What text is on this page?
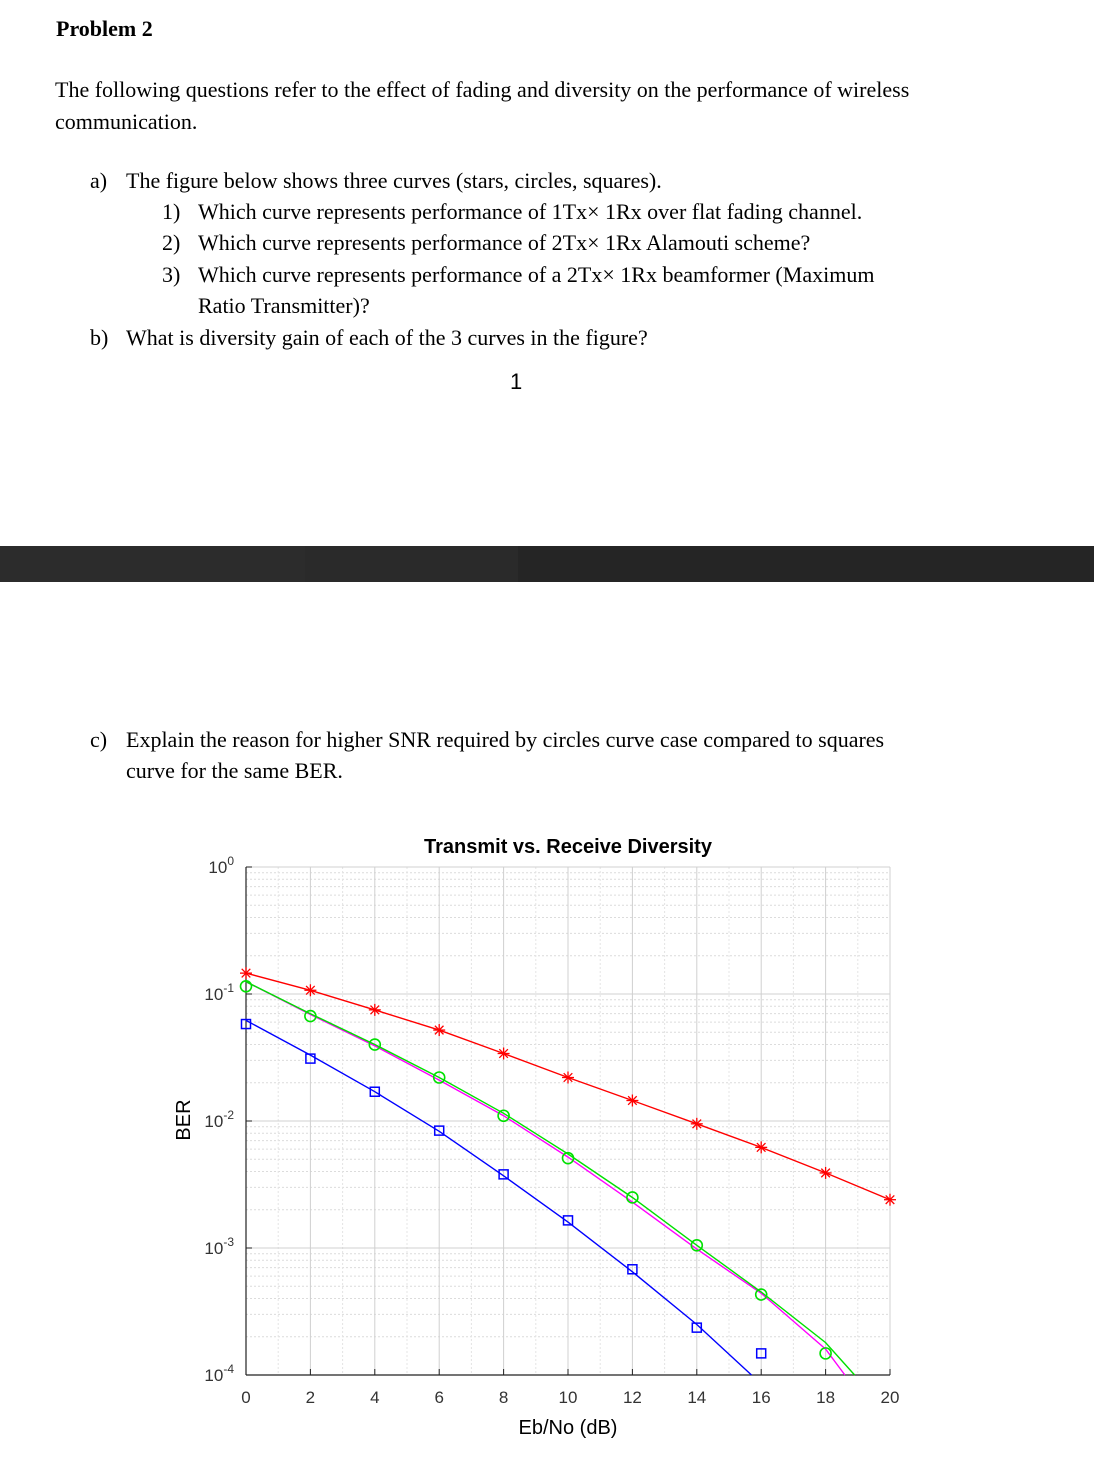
Problem 2
The following questions refer to the effect of fading and diversity on the performance of wireless
communication.
a) The figure below shows three curves (stars, circles, squares).
1) Which curve represents performance of 1Tx× 1Rx over flat fading channel.
2) Which curve represents performance of 2Tx× 1Rx Alamouti scheme?
3) Which curve represents performance of a 2Tx× 1Rx beamformer (Maximum
Ratio Transmitter)?
b) What is diversity gain of each of the 3 curves in the figure?
1
c) Explain the reason for higher SNR required by circles curve case compared to squares
curve for the same BER.
0	2	4	6	8	10	12	14	16	18	20
$10^0$
$10^{-1}$
$10^{-2}$
$10^{-3}$
$10^{-4}$
Transmit vs. Receive Diversity
Eb/No (dB)
BER
